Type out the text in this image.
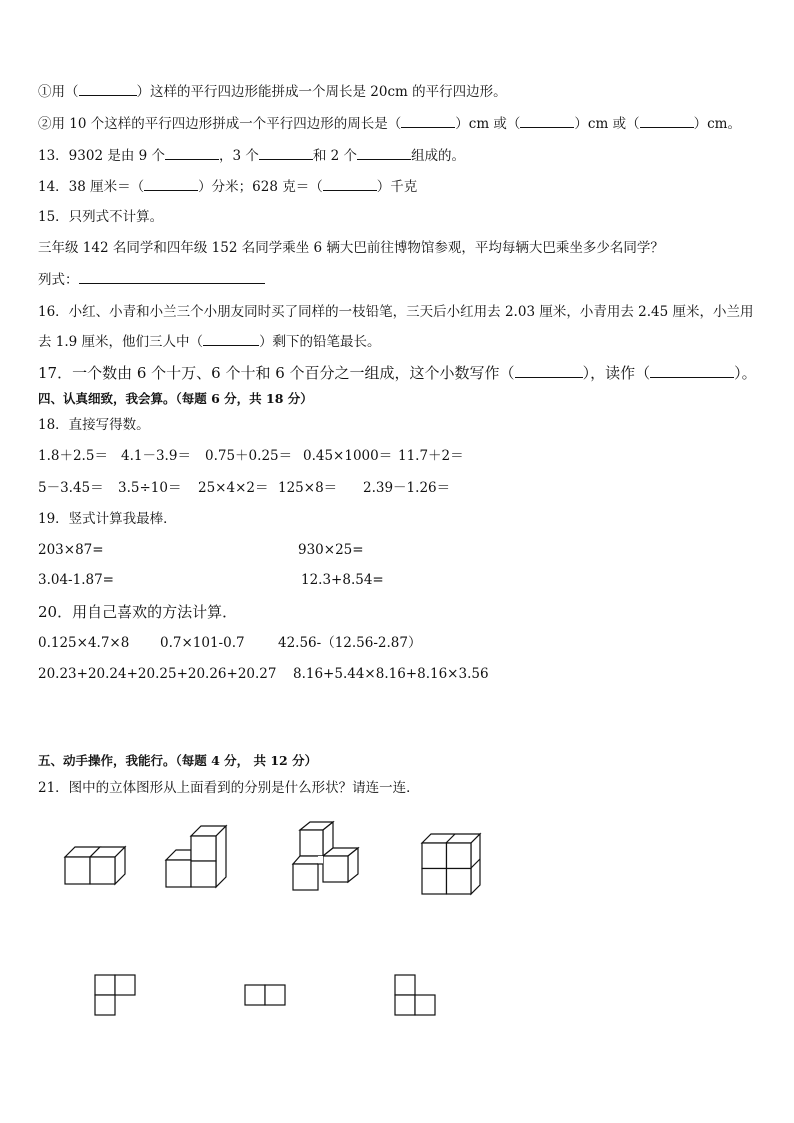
①用（	）这样的平行四边形能拼成一个周长是 20cm 的平行四边形。
②用 10 个这样的平行四边形拼成一个平行四边形的周长是（	）cm 或（	）cm 或（	）cm。
13．9302 是由 9 个	，3 个	和 2 个	组成的。
14．38 厘米＝（	）分米；628 克＝（	）千克
15．只列式不计算。
三年级 142 名同学和四年级 152 名同学乘坐 6 辆大巴前往博物馆参观，平均每辆大巴乘坐多少名同学？
列式：
16．小红、小青和小兰三个小朋友同时买了同样的一枝铅笔，三天后小红用去 2.03 厘米，小青用去 2.45 厘米，小兰用
去 1.9 厘米，他们三人中（	）剩下的铅笔最长。
17．一个数由 6 个十万、6 个十和 6 个百分之一组成，这个小数写作（	），读作（	）。
四、认真细致，我会算。（每题 6 分，共 18 分）
18．直接写得数。
1.8＋2.5＝ 4.1－3.9＝ 0.75＋0.25＝ 0.45×1000＝ 11.7＋2＝
5－3.45＝ 3.5÷10＝ 25×4×2＝ 125×8＝ 2.39－1.26＝
19．竖式计算我最棒．
203×87=	930×25=
3.04-1.87=	12.3+8.54=
20．用自己喜欢的方法计算．
0.125×4.7×8 0.7×101-0.7 42.56-（12.56-2.87）
20.23+20.24+20.25+20.26+20.27 8.16+5.44×8.16+8.16×3.56
五、动手操作，我能行。（每题 4 分， 共 12 分）
21．图中的立体图形从上面看到的分别是什么形状？请连一连．
